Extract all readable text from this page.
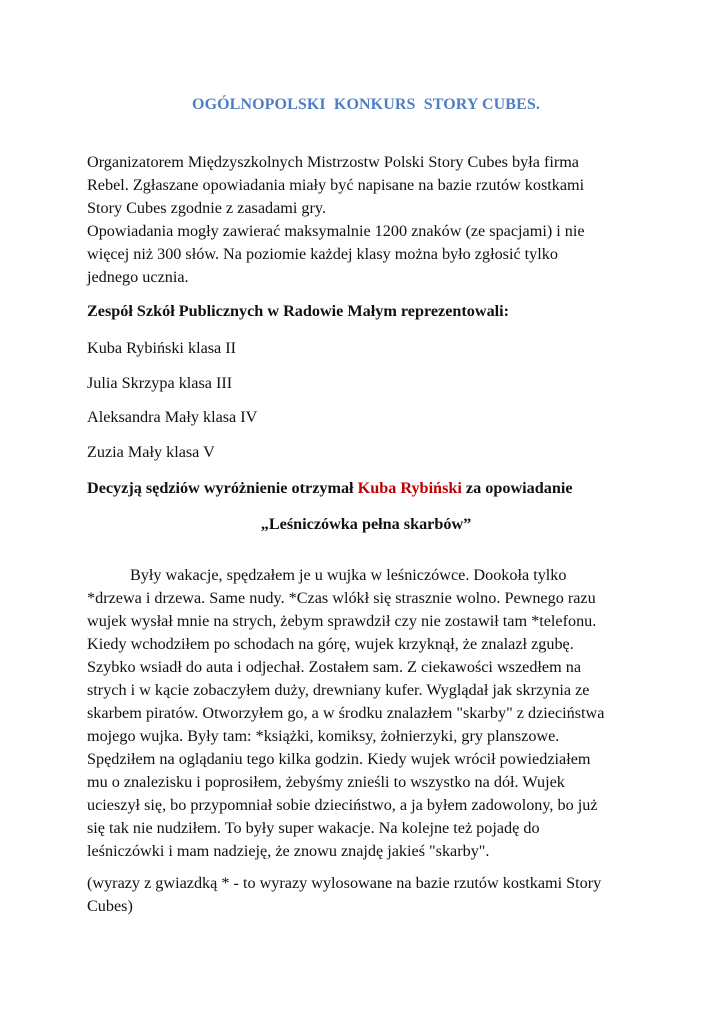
OGÓLNOPOLSKI  KONKURS  STORY CUBES.

Organizatorem Międzyszkolnych Mistrzostw Polski Story Cubes była firma

Rebel. Zgłaszane opowiadania miały być napisane na bazie rzutów kostkami

Story Cubes zgodnie z zasadami gry.

Opowiadania mogły zawierać maksymalnie 1200 znaków (ze spacjami) i nie

więcej niż 300 słów. Na poziomie każdej klasy można było zgłosić tylko

jednego ucznia.

Zespół Szkół Publicznych w Radowie Małym reprezentowali:
Kuba Rybiński klasa II
Julia Skrzypa klasa III
Aleksandra Mały klasa IV
Zuzia Mały klasa V
Decyzją sędziów wyróżnienie otrzymał Kuba Rybiński za opowiadanie
„Leśniczówka pełna skarbów”

Były wakacje, spędzałem je u wujka w leśniczówce. Dookoła tylko

*drzewa i drzewa. Same nudy. *Czas wlókł się strasznie wolno. Pewnego razu

wujek wysłał mnie na strych, żebym sprawdził czy nie zostawił tam *telefonu.

Kiedy wchodziłem po schodach na górę, wujek krzyknął, że znalazł zgubę.

Szybko wsiadł do auta i odjechał. Zostałem sam. Z ciekawości wszedłem na

strych i w kącie zobaczyłem duży, drewniany kufer. Wyglądał jak skrzynia ze

skarbem piratów. Otworzyłem go, a w środku znalazłem "skarby" z dzieciństwa

mojego wujka. Były tam: *książki, komiksy, żołnierzyki, gry planszowe.

Spędziłem na oglądaniu tego kilka godzin. Kiedy wujek wrócił powiedziałem

mu o znalezisku i poprosiłem, żebyśmy znieśli to wszystko na dół. Wujek

ucieszył się, bo przypomniał sobie dzieciństwo, a ja byłem zadowolony, bo już

się tak nie nudziłem. To były super wakacje. Na kolejne też pojadę do

leśniczówki i mam nadzieję, że znowu znajdę jakieś "skarby".

(wyrazy z gwiazdką * - to wyrazy wylosowane na bazie rzutów kostkami Story
Cubes)
